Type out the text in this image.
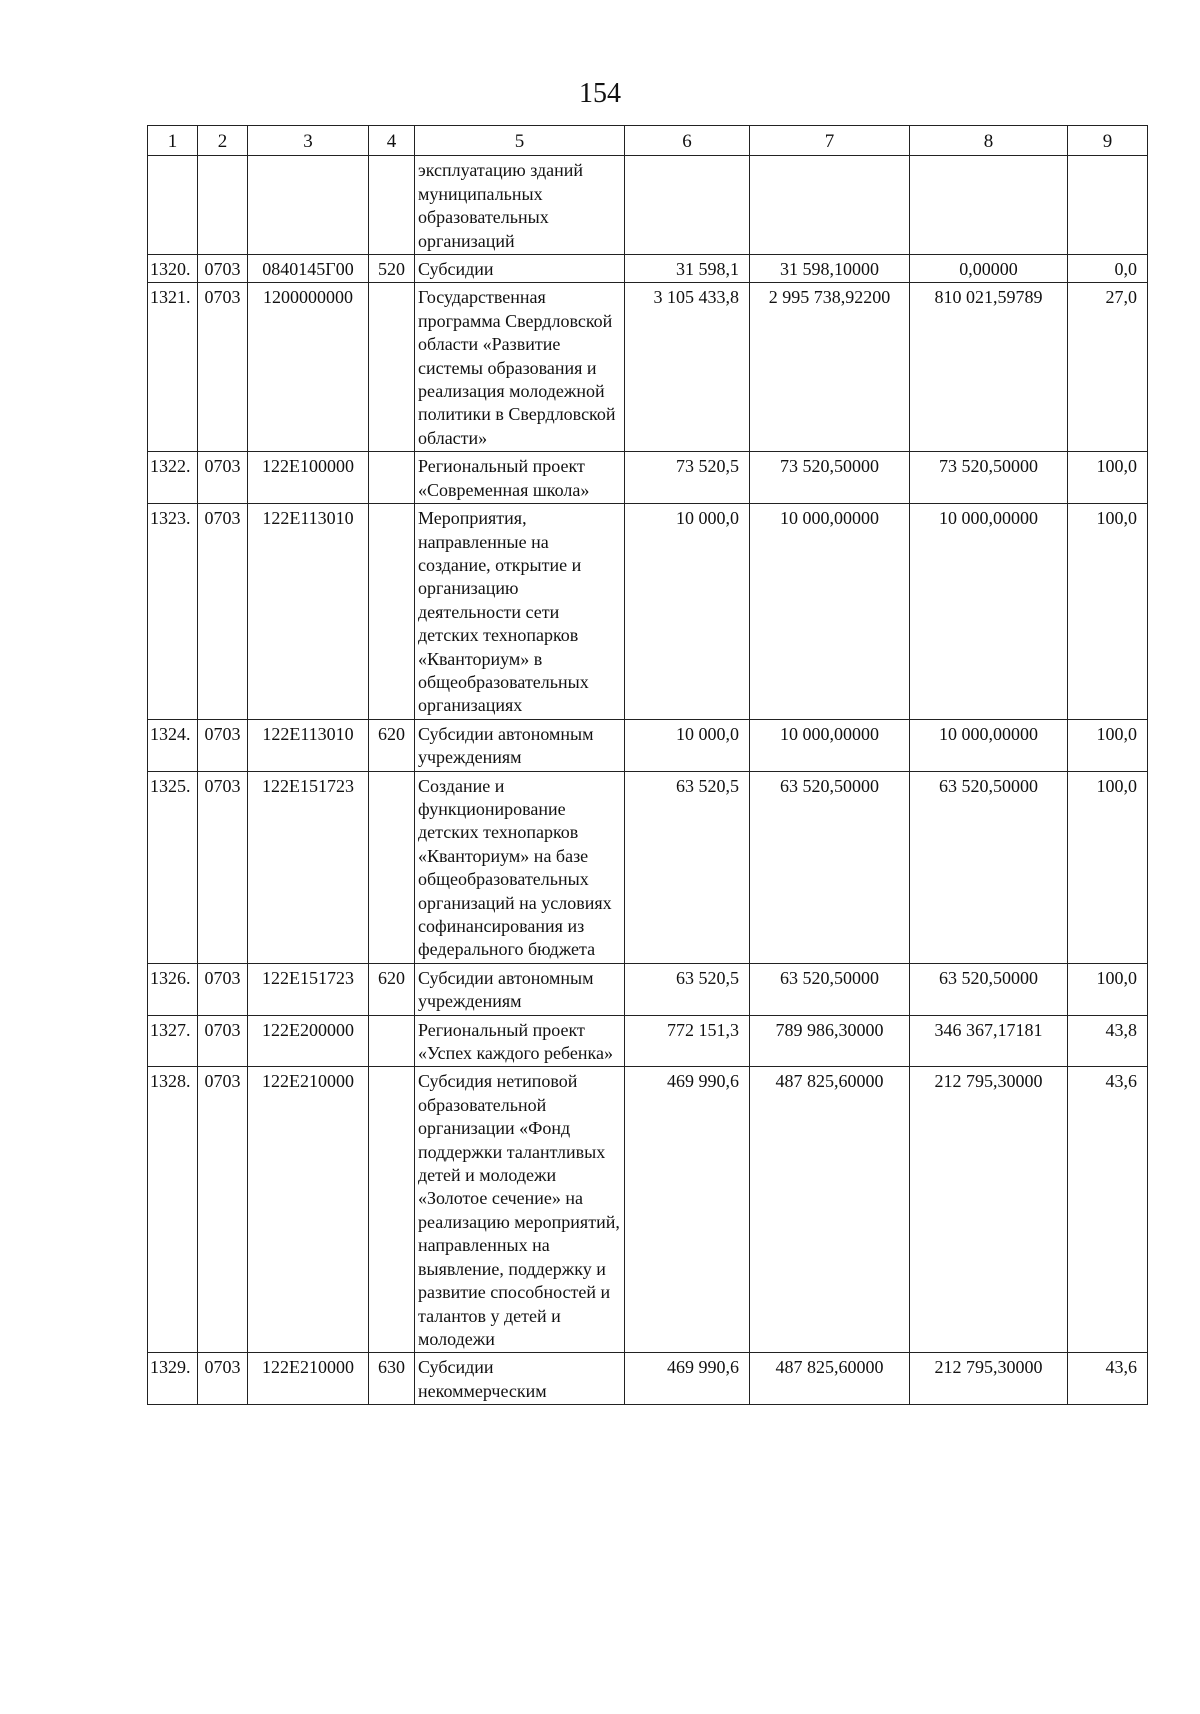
154
1	2	3	4	5	6	7	8	9
				эксплуатацию зданий муниципальных образовательных организаций				
1320.	0703	0840145Г00	520	Субсидии	31 598,1	31 598,10000	0,00000	0,0
1321.	0703	1200000000		Государственная программа Свердловской области «Развитие системы образования и реализация молодежной политики в Свердловской области»	3 105 433,8	2 995 738,92200	810 021,59789	27,0
1322.	0703	122E100000		Региональный проект «Современная школа»	73 520,5	73 520,50000	73 520,50000	100,0
1323.	0703	122E113010		Мероприятия, направленные на создание, открытие и организацию деятельности сети детских технопарков «Кванториум» в общеобразовательных организациях	10 000,0	10 000,00000	10 000,00000	100,0
1324.	0703	122E113010	620	Субсидии автономным учреждениям	10 000,0	10 000,00000	10 000,00000	100,0
1325.	0703	122E151723		Создание и функционирование детских технопарков «Кванториум» на базе общеобразовательных организаций на условиях софинансирования из федерального бюджета	63 520,5	63 520,50000	63 520,50000	100,0
1326.	0703	122E151723	620	Субсидии автономным учреждениям	63 520,5	63 520,50000	63 520,50000	100,0
1327.	0703	122E200000		Региональный проект «Успех каждого ребенка»	772 151,3	789 986,30000	346 367,17181	43,8
1328.	0703	122E210000		Субсидия нетиповой образовательной организации «Фонд поддержки талантливых детей и молодежи «Золотое сечение» на реализацию мероприятий, направленных на выявление, поддержку и развитие способностей и талантов у детей и молодежи	469 990,6	487 825,60000	212 795,30000	43,6
1329.	0703	122E210000	630	Субсидии некоммерческим	469 990,6	487 825,60000	212 795,30000	43,6
